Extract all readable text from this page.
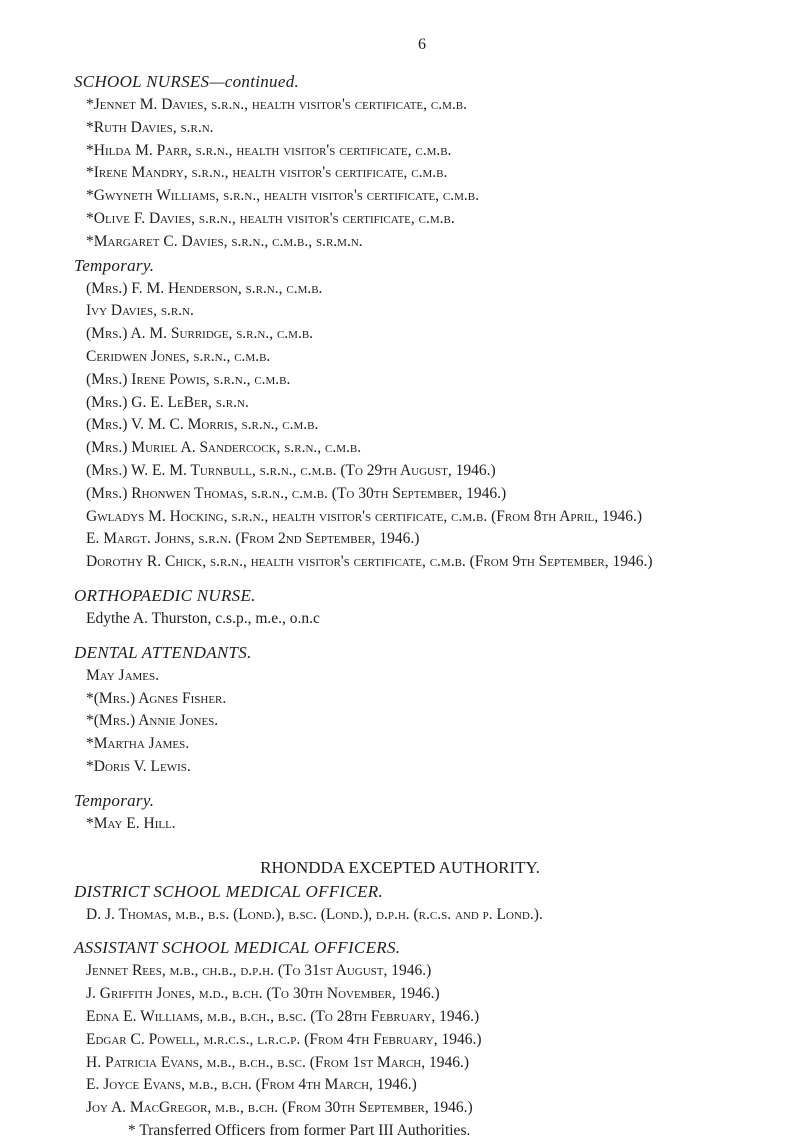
6
SCHOOL NURSES—continued.
*Jennet M. Davies, s.r.n., health visitor's certificate, c.m.b.
*Ruth Davies, s.r.n.
*Hilda M. Parr, s.r.n., health visitor's certificate, c.m.b.
*Irene Mandry, s.r.n., health visitor's certificate, c.m.b.
*Gwyneth Williams, s.r.n., health visitor's certificate, c.m.b.
*Olive F. Davies, s.r.n., health visitor's certificate, c.m.b.
*Margaret C. Davies, s.r.n., c.m.b., s.r.m.n.
Temporary.
(Mrs.) F. M. Henderson, s.r.n., c.m.b.
Ivy Davies, s.r.n.
(Mrs.) A. M. Surridge, s.r.n., c.m.b.
Ceridwen Jones, s.r.n., c.m.b.
(Mrs.) Irene Powis, s.r.n., c.m.b.
(Mrs.) G. E. LeBer, s.r.n.
(Mrs.) V. M. C. Morris, s.r.n., c.m.b.
(Mrs.) Muriel A. Sandercock, s.r.n., c.m.b.
(Mrs.) W. E. M. Turnbull, s.r.n., c.m.b. (To 29th August, 1946.)
(Mrs.) Rhonwen Thomas, s.r.n., c.m.b. (To 30th September, 1946.)
Gwladys M. Hocking, s.r.n., health visitor's certificate, c.m.b. (From 8th April, 1946.)
E. Margt. Johns, s.r.n. (From 2nd September, 1946.)
Dorothy R. Chick, s.r.n., health visitor's certificate, c.m.b. (From 9th September, 1946.)
ORTHOPAEDIC NURSE.
Edythe A. Thurston, c.s.p., m.e., o.n.c
DENTAL ATTENDANTS.
May James.
*(Mrs.) Agnes Fisher.
*(Mrs.) Annie Jones.
*Martha James.
*Doris V. Lewis.
Temporary.
*May E. Hill.
RHONDDA EXCEPTED AUTHORITY.
DISTRICT SCHOOL MEDICAL OFFICER.
D. J. Thomas, m.b., b.s. (Lond.), b.sc. (Lond.), d.p.h. (r.c.s. and p. Lond.).
ASSISTANT SCHOOL MEDICAL OFFICERS.
Jennet Rees, m.b., ch.b., d.p.h. (To 31st August, 1946.)
J. Griffith Jones, m.d., b.ch. (To 30th November, 1946.)
Edna E. Williams, m.b., b.ch., b.sc. (To 28th February, 1946.)
Edgar C. Powell, m.r.c.s., l.r.c.p. (From 4th February, 1946.)
H. Patricia Evans, m.b., b.ch., b.sc. (From 1st March, 1946.)
E. Joyce Evans, m.b., b.ch. (From 4th March, 1946.)
Joy A. MacGregor, m.b., b.ch. (From 30th September, 1946.)
* Transferred Officers from former Part III Authorities.
